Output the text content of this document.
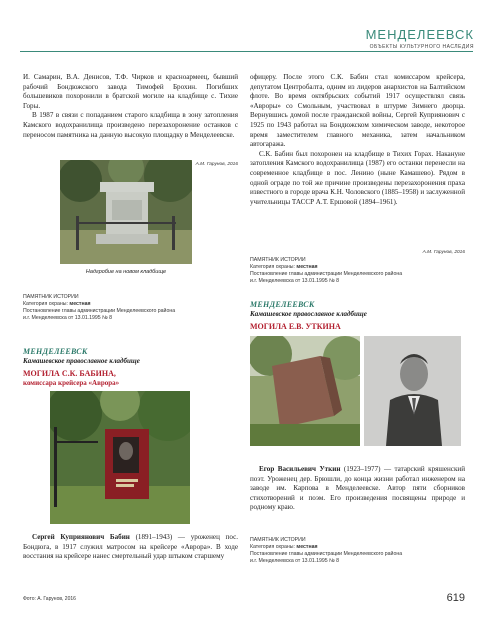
МЕНДЕЛЕЕВСК
ОБЪЕКТЫ КУЛЬТУРНОГО НАСЛЕДИЯ

И. Самарин, В.А. Денисов, Т.Ф. Чирков и красноармеец, бывший рабочий Бондюжского завода Тимофей Брохин. Погибших большевиков похоронили в братской могиле на кладбище с. Тихие Горы.

В 1987 в связи с попаданием старого кладбища в зону затопления Камского водохранилища произведено перезахоронение останков с переносом памятника на данную высокую площадку в Менделеевске.

А.М. Гарунов, 2016
Надгробие на новом кладбище
ПАМЯТНИК ИСТОРИИ
Категория охраны: местная
Постановление главы администрации Менделеевского района
и.г. Менделеевска от 13.01.1995 № 8
МЕНДЕЛЕЕВСК
Камашевское православное кладбище
МОГИЛА С.К. БАБИНА,
комиссара крейсера «Аврора»

Сергей Куприянович Бабин (1891–1943) — уроженец пос. Бондюга, в 1917 служил матросом на крейсере «Аврора». В ходе восстания на крейсере нанес смертельный удар штыком старшему

офицеру. После этого С.К. Бабин стал комиссаром крейсера, депутатом Центробалта, одним из лидеров анархистов на Балтийском флоте. Во время октябрьских событий 1917 осуществлял связь «Авроры» со Смольным, участвовал в штурме Зимнего дворца. Вернувшись домой после гражданской войны, Сергей Куприянович с 1925 по 1943 работал на Бондюжском химическом заводе, некоторое время заместителем главного механика, затем начальником автогаража.

С.К. Бабин был похоронен на кладбище в Тихих Горах. Накануне затопления Камского водохранилища (1987) его останки перенесли на современное кладбище в пос. Ленино (ныне Камашево). Рядом в одной ограде по той же причине произведены перезахоронения праха известного в городе врача К.Н. Чоловского (1885–1958) и заслуженной учительницы ТАССР А.Т. Ершовой (1894–1961).

А.М. Гарунов, 2016
ПАМЯТНИК ИСТОРИИ
Категория охраны: местная
Постановление главы администрации Менделеевского района
и.г. Менделеевска от 13.01.1995 № 8
МЕНДЕЛЕЕВСК
Камашевское православное кладбище
МОГИЛА Е.В. УТКИНА

Егор Васильевич Уткин (1923–1977) — татарский кряшенский поэт. Уроженец дер. Брюшли, до конца жизни работал инженером на заводе им. Карпова в Менделеевске. Автор пяти сборников стихотворений и поэм. Его произведения посвящены природе и родному краю.

ПАМЯТНИК ИСТОРИИ
Категория охраны: местная
Постановление главы администрации Менделеевского района
и.г. Менделеевска от 13.01.1995 № 8
Фото: А. Гарунов, 2016	619
